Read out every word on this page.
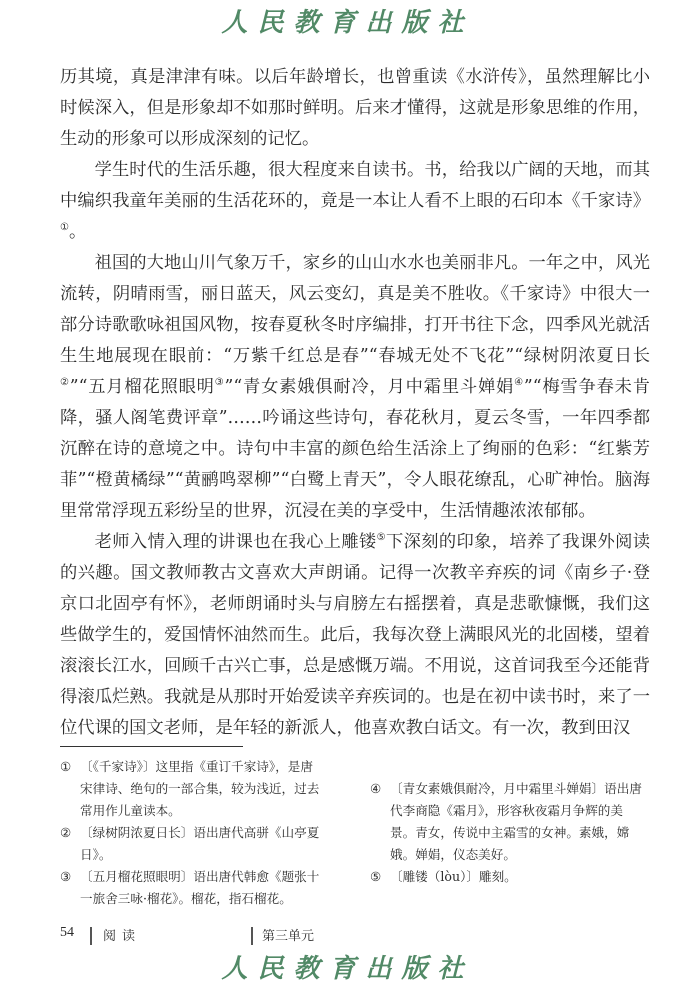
人民教育出版社

历其境，真是津津有味。以后年龄增长，也曾重读《水浒传》，虽然理解比小时候深入，但是形象却不如那时鲜明。后来才懂得，这就是形象思维的作用，生动的形象可以形成深刻的记忆。

学生时代的生活乐趣，很大程度来自读书。书，给我以广阔的天地，而其中编织我童年美丽的生活花环的，竟是一本让人看不上眼的石印本《千家诗》①。

祖国的大地山川气象万千，家乡的山山水水也美丽非凡。一年之中，风光流转，阴晴雨雪，丽日蓝天，风云变幻，真是美不胜收。《千家诗》中很大一部分诗歌歌咏祖国风物，按春夏秋冬时序编排，打开书往下念，四季风光就活生生地展现在眼前：“万紫千红总是春”“春城无处不飞花”“绿树阴浓夏日长②”“五月榴花照眼明③”“青女素娥俱耐冷，月中霜里斗婵娟④”“梅雪争春未肯降，骚人阁笔费评章”……吟诵这些诗句，春花秋月，夏云冬雪，一年四季都沉醉在诗的意境之中。诗句中丰富的颜色给生活涂上了绚丽的色彩：“红紫芳菲”“橙黄橘绿”“黄鹂鸣翠柳”“白鹭上青天”，令人眼花缭乱，心旷神怡。脑海里常常浮现五彩纷呈的世界，沉浸在美的享受中，生活情趣浓浓郁郁。

老师入情入理的讲课也在我心上雕镂⑤下深刻的印象，培养了我课外阅读的兴趣。国文教师教古文喜欢大声朗诵。记得一次教辛弃疾的词《南乡子·登京口北固亭有怀》，老师朗诵时头与肩膀左右摇摆着，真是悲歌慷慨，我们这些做学生的，爱国情怀油然而生。此后，我每次登上满眼风光的北固楼，望着滚滚长江水，回顾千古兴亡事，总是感慨万端。不用说，这首词我至今还能背得滚瓜烂熟。我就是从那时开始爱读辛弃疾词的。也是在初中读书时，来了一位代课的国文老师，是年轻的新派人，他喜欢教白话文。有一次，教到田汉

① 〔《千家诗》〕这里指《重订千家诗》，是唐宋律诗、绝句的一部合集，较为浅近，过去常用作儿童读本。

② 〔绿树阴浓夏日长〕语出唐代高骈《山亭夏日》。

③ 〔五月榴花照眼明〕语出唐代韩愈《题张十一旅舍三咏·榴花》。榴花，指石榴花。

④ 〔青女素娥俱耐冷，月中霜里斗婵娟〕语出唐代李商隐《霜月》，形容秋夜霜月争辉的美景。青女，传说中主霜雪的女神。素娥，嫦娥。婵娟，仪态美好。

⑤ 〔雕镂（lòu）〕雕刻。

54 阅读	第三单元
人民教育出版社
